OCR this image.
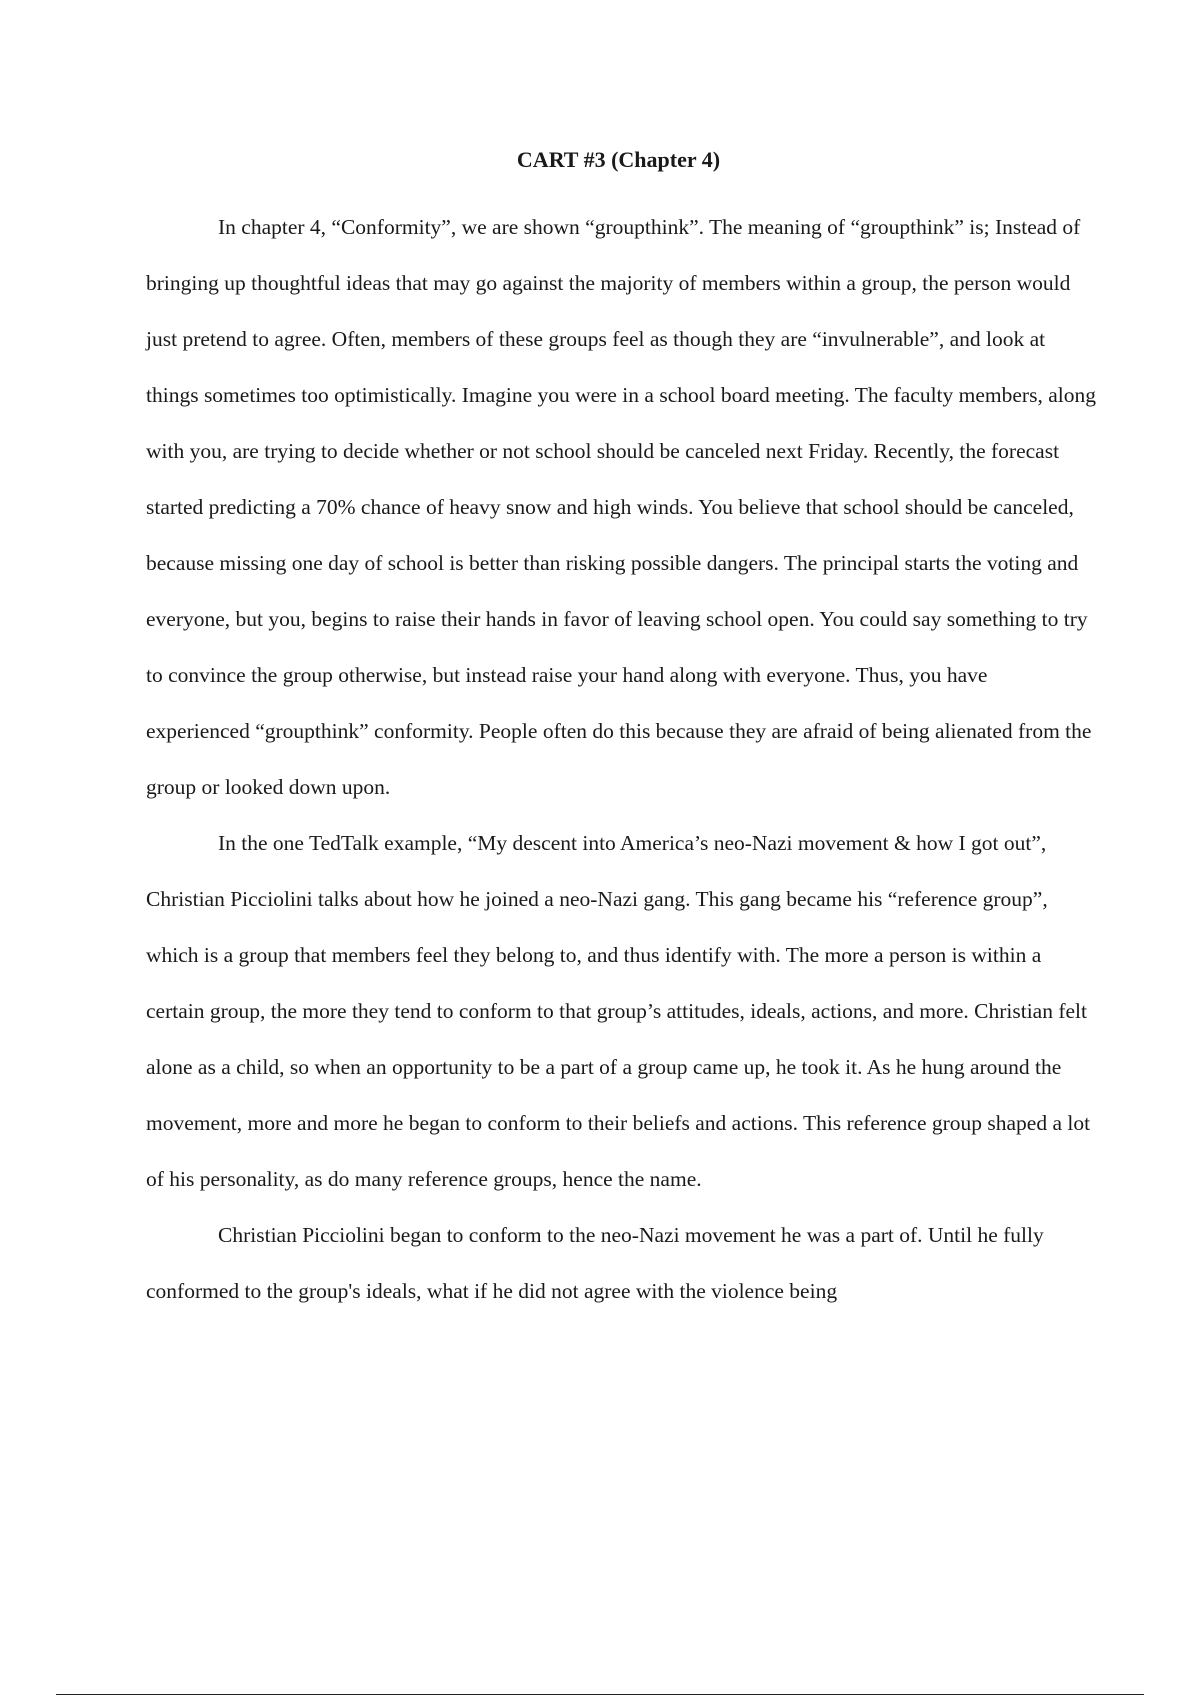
CART #3 (Chapter 4)

In chapter 4, “Conformity”, we are shown “groupthink”. The meaning of “groupthink” is; Instead of bringing up thoughtful ideas that may go against the majority of members within a group, the person would just pretend to agree. Often, members of these groups feel as though they are “invulnerable”, and look at things sometimes too optimistically. Imagine you were in a school board meeting. The faculty members, along with you, are trying to decide whether or not school should be canceled next Friday. Recently, the forecast started predicting a 70% chance of heavy snow and high winds. You believe that school should be canceled, because missing one day of school is better than risking possible dangers. The principal starts the voting and everyone, but you, begins to raise their hands in favor of leaving school open. You could say something to try to convince the group otherwise, but instead raise your hand along with everyone. Thus, you have experienced “groupthink” conformity. People often do this because they are afraid of being alienated from the group or looked down upon.

In the one TedTalk example, “My descent into America’s neo-Nazi movement & how I got out”, Christian Picciolini talks about how he joined a neo-Nazi gang. This gang became his “reference group”, which is a group that members feel they belong to, and thus identify with. The more a person is within a certain group, the more they tend to conform to that group’s attitudes, ideals, actions, and more. Christian felt alone as a child, so when an opportunity to be a part of a group came up, he took it. As he hung around the movement, more and more he began to conform to their beliefs and actions. This reference group shaped a lot of his personality, as do many reference groups, hence the name.

Christian Picciolini began to conform to the neo-Nazi movement he was a part of. Until he fully conformed to the group's ideals, what if he did not agree with the violence being
